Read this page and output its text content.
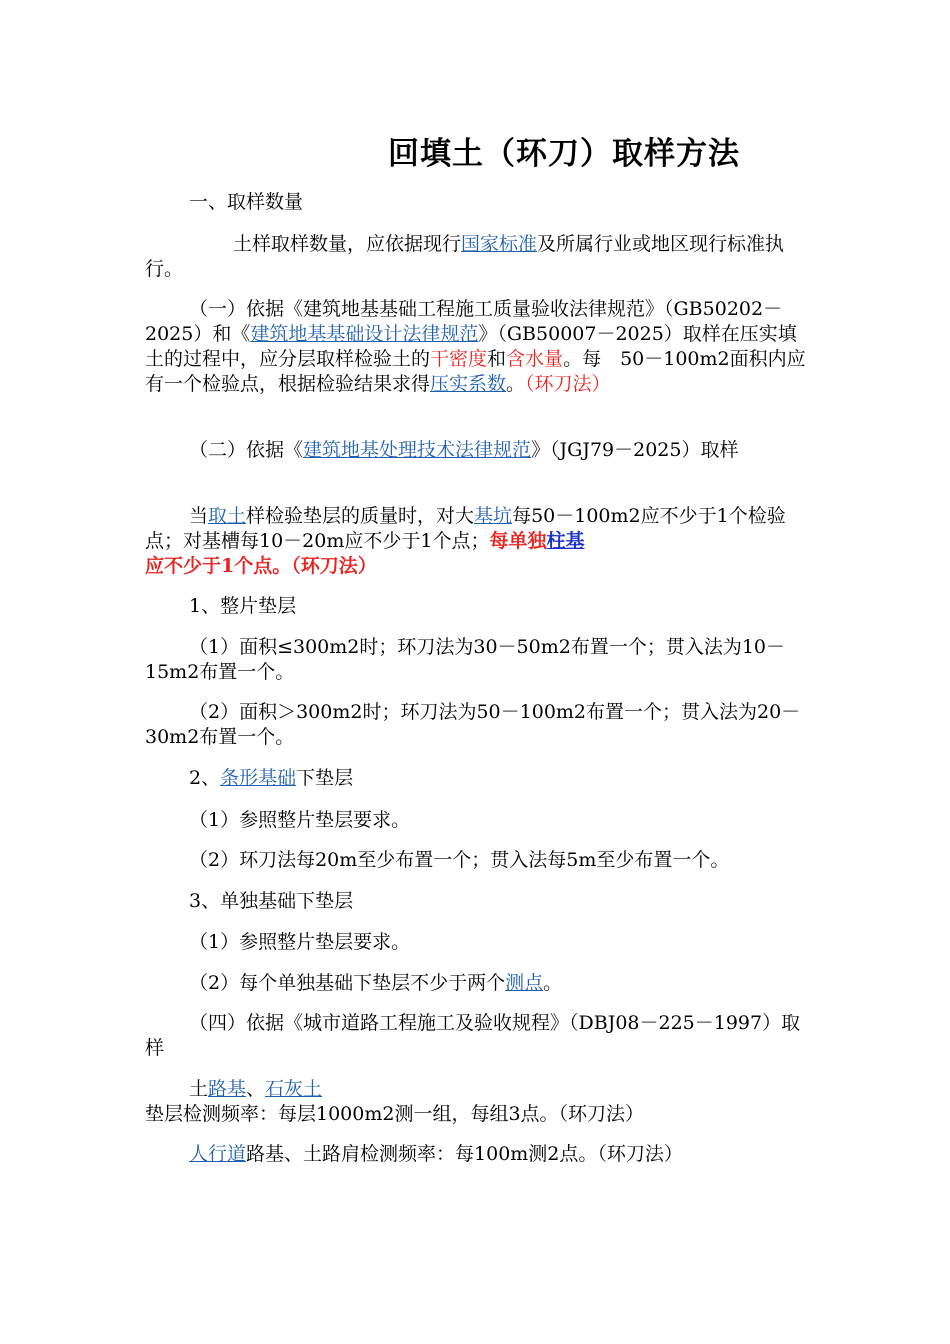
回填土（环刀）取样方法

一、取样数量

土样取样数量，应依据现行国家标准及所属行业或地区现行标准执行。

（一）依据《建筑地基基础工程施工质量验收法律规范》（GB50202－2025）和《建筑地基基础设计法律规范》（GB50007－2025）取样在压实填土的过程中，应分层取样检验土的干密度和含水量。每　50－100m2面积内应有一个检验点，根据检验结果求得压实系数。（环刀法）

（二）依据《建筑地基处理技术法律规范》（JGJ79－2025）取样

当取土样检验垫层的质量时，对大基坑每50－100m2应不少于1个检验点；对基槽每10－20m应不少于1个点；每单独柱基应不少于1个点。（环刀法）

1、整片垫层

（1）面积≤300m2时；环刀法为30－50m2布置一个；贯入法为10－15m2布置一个。

（2）面积＞300m2时；环刀法为50－100m2布置一个；贯入法为20－30m2布置一个。

2、条形基础下垫层

（1）参照整片垫层要求。

（2）环刀法每20m至少布置一个；贯入法每5m至少布置一个。

3、单独基础下垫层

（1）参照整片垫层要求。

（2）每个单独基础下垫层不少于两个测点。

（四）依据《城市道路工程施工及验收规程》（DBJ08－225－1997）取样

土路基、石灰土垫层检测频率：每层1000m2测一组，每组3点。（环刀法）

人行道路基、土路肩检测频率：每100m测2点。（环刀法）
